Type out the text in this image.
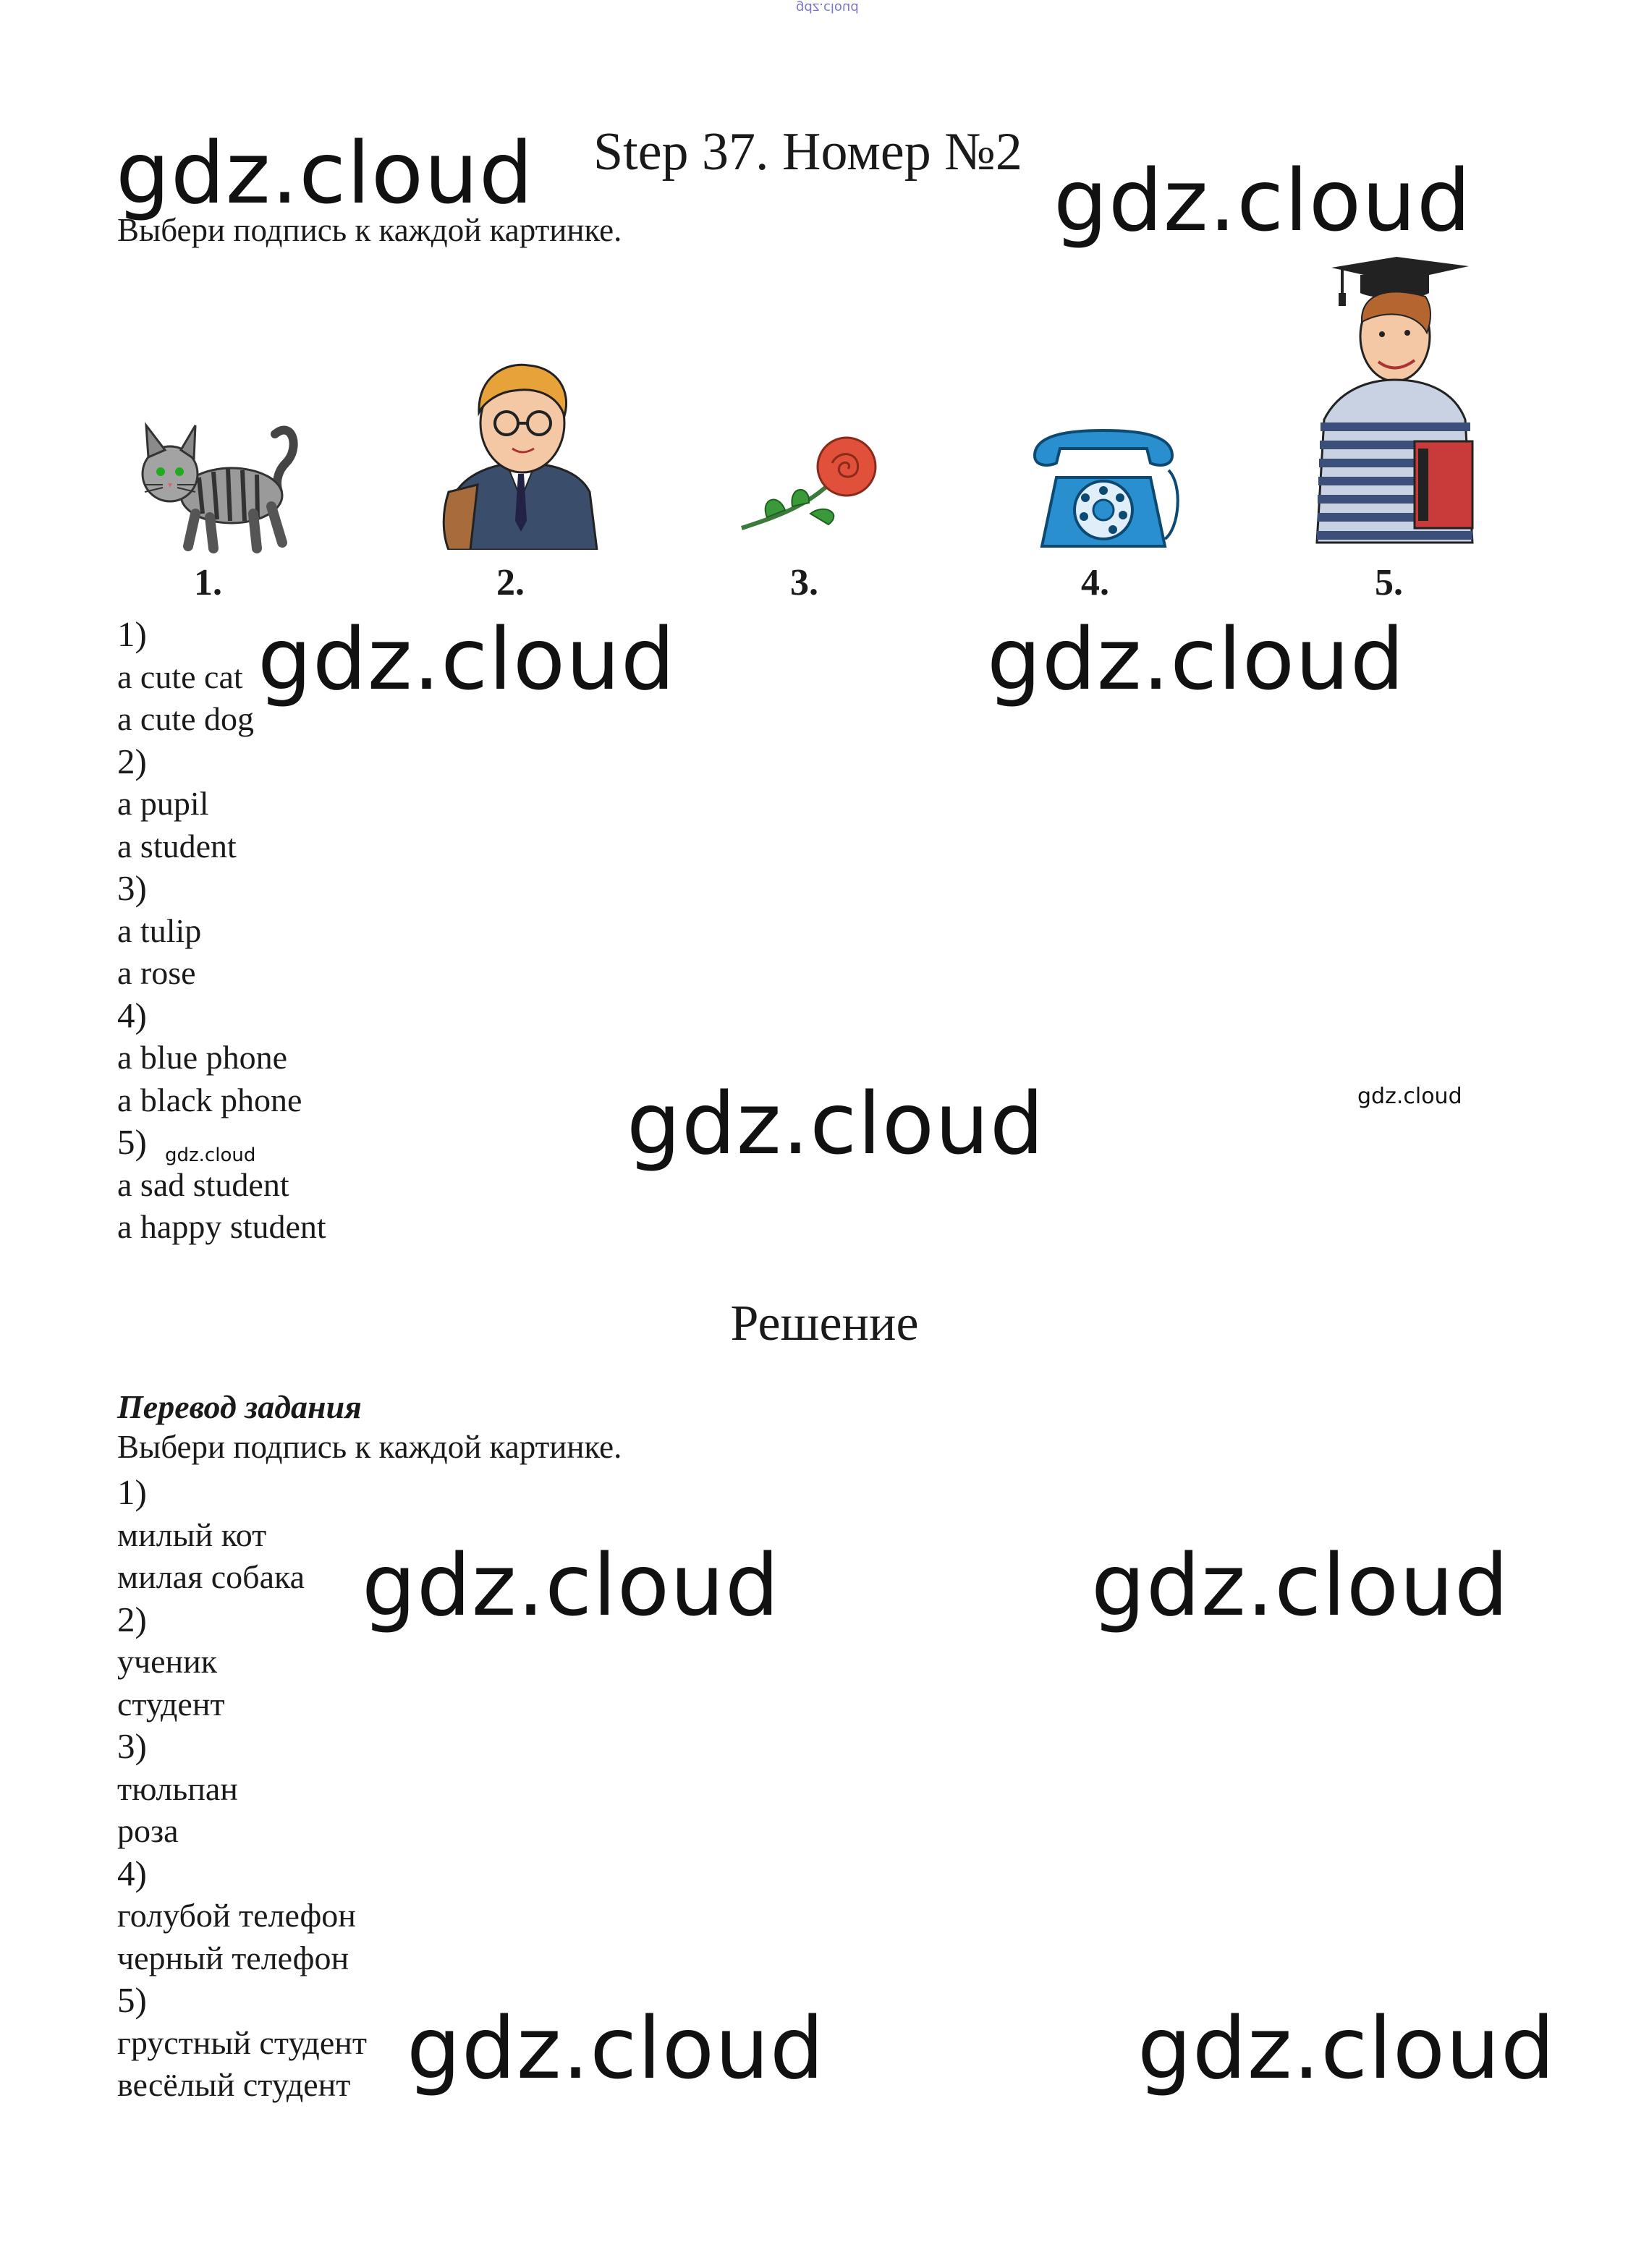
gdz.cloud
Step 37. Номер №2
Выбери подпись к каждой картинке.
gdz.cloud	gdz.cloud
gdz.cloud	gdz.cloud
gdz.cloud
gdz.cloud	gdz.cloud
gdz.cloud	gdz.cloud
gdz.cloud
gdz.cloud
1.	2.	3.	4.	5.
1)
a cute cat
a cute dog
2)
a pupil
a student
3)
a tulip
a rose
4)
a blue phone
a black phone
5)
a sad student
a happy student
Решение
Перевод задания
Выбери подпись к каждой картинке.
1)
милый кот
милая собака
2)
ученик
студент
3)
тюльпан
роза
4)
голубой телефон
черный телефон
5)
грустный студент
весёлый студент
